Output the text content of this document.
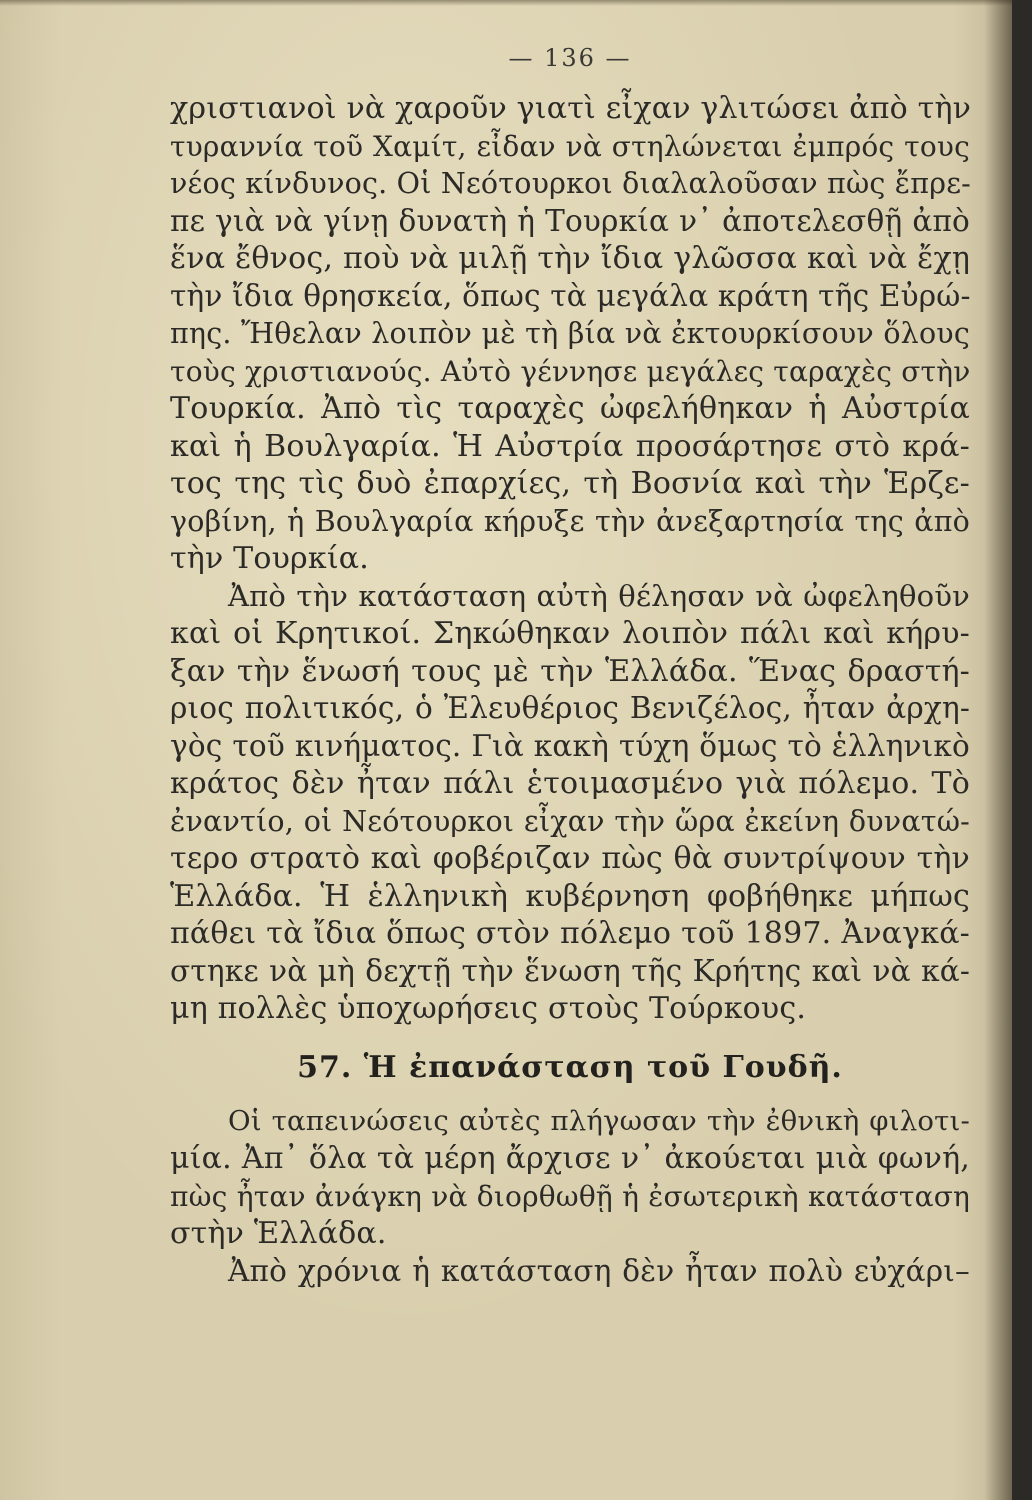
— 136 —
χριστιανοὶ νὰ χαροῦν γιατὶ εἶχαν γλιτώσει ἀπὸ τὴν
τυραννία τοῦ Χαμίτ, εἶδαν νὰ στηλώνεται ἐμπρός τους
νέος κίνδυνος. Οἱ Νεότουρκοι διαλαλοῦσαν πὼς ἔπρε-
πε γιὰ νὰ γίνῃ δυνατὴ ἡ Τουρκία ν᾽ ἀποτελεσθῇ ἀπὸ
ἕνα ἔθνος, ποὺ νὰ μιλῇ τὴν ἴδια γλῶσσα καὶ νὰ ἔχῃ
τὴν ἴδια θρησκεία, ὅπως τὰ μεγάλα κράτη τῆς Εὐρώ-
πης. Ἤθελαν λοιπὸν μὲ τὴ βία νὰ ἐκτουρκίσουν ὅλους
τοὺς χριστιανούς. Αὐτὸ γέννησε μεγάλες ταραχὲς στὴν
Τουρκία. Ἀπὸ τὶς ταραχὲς ὠφελήθηκαν ἡ Αὐστρία
καὶ ἡ Βουλγαρία. Ἡ Αὐστρία προσάρτησε στὸ κρά-
τος της τὶς δυὸ ἐπαρχίες, τὴ Βοσνία καὶ τὴν Ἑρζε-
γοβίνη, ἡ Βουλγαρία κήρυξε τὴν ἀνεξαρτησία της ἀπὸ
τὴν Τουρκία.
Ἀπὸ τὴν κατάσταση αὐτὴ θέλησαν νὰ ὠφεληθοῦν
καὶ οἱ Κρητικοί. Σηκώθηκαν λοιπὸν πάλι καὶ κήρυ-
ξαν τὴν ἕνωσή τους μὲ τὴν Ἑλλάδα. Ἕνας δραστή-
ριος πολιτικός, ὁ Ἐλευθέριος Βενιζέλος, ἦταν ἀρχη-
γὸς τοῦ κινήματος. Γιὰ κακὴ τύχη ὅμως τὸ ἑλληνικὸ
κράτος δὲν ἦταν πάλι ἑτοιμασμένο γιὰ πόλεμο. Τὸ
ἐναντίο, οἱ Νεότουρκοι εἶχαν τὴν ὥρα ἐκείνη δυνατώ-
τερο στρατὸ καὶ φοβέριζαν πὼς θὰ συντρίψουν τὴν
Ἑλλάδα. Ἡ ἑλληνικὴ κυβέρνηση φοβήθηκε μήπως
πάθει τὰ ἴδια ὅπως στὸν πόλεμο τοῦ 1897. Ἀναγκά-
στηκε νὰ μὴ δεχτῇ τὴν ἕνωση τῆς Κρήτης καὶ νὰ κά-
μη πολλὲς ὑποχωρήσεις στοὺς Τούρκους.
57. Ἡ ἐπανάσταση τοῦ Γουδῆ.
Οἱ ταπεινώσεις αὐτὲς πλήγωσαν τὴν ἐθνικὴ φιλοτι-
μία. Ἀπ᾽ ὅλα τὰ μέρη ἄρχισε ν᾽ ἀκούεται μιὰ φωνή,
πὼς ἦταν ἀνάγκη νὰ διορθωθῇ ἡ ἐσωτερικὴ κατάσταση
στὴν Ἑλλάδα.
Ἀπὸ χρόνια ἡ κατάσταση δὲν ἦταν πολὺ εὐχάρι–
